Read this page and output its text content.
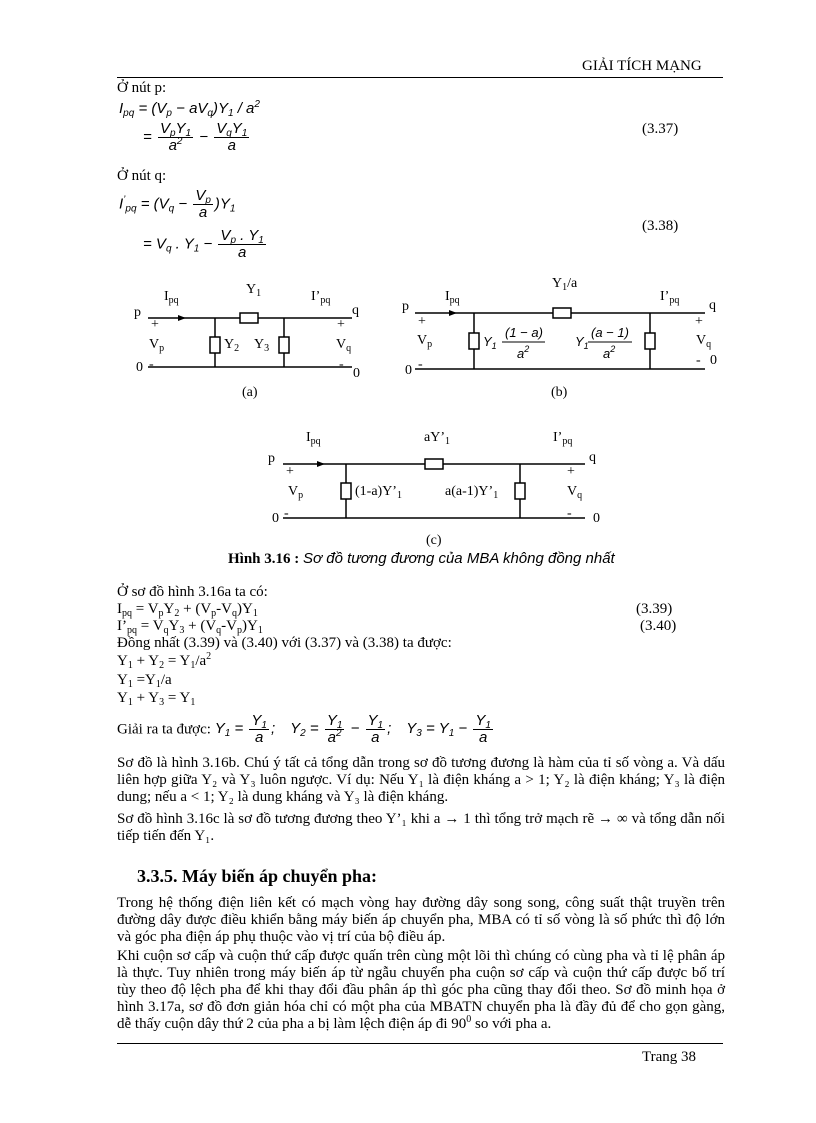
GIẢI TÍCH MẠNG
Ở nút p:
$I_{pq} = (V_p - aV_q)Y_1 / a^2$
= $\frac{V_pY_1}{a^2} - \frac{V_qY_1}{a}$	(3.37)
Ở nút q:
$I^’_{pq} = (V_q - \frac{V_p}{a} )Y_1$
= $V_q$ . $Y_1 - \frac{V_p . Y_1}{a}$
(3.38)
$Y_1$
$I_{pq}$	$I’_{pq}$
p	q
+	+
$V_p$	$Y_2$ $Y_3$	$V_q$
0 -	-
0
(a)
$Y_1/a$
$I_{pq}$	$I’_{pq}$
p	q
+	+
$V_p$	$V_q$
$Y_1$
(1 − a)
$a^2$	$Y_1$
(a − 1)
$a^2$
0 -	- 0
(b)
$aY’_1$
$I_{pq}$	$I’_{pq}$
p	q
+	+
$V_p$	$(1-a)Y’_1$	$a(a-1)Y’_1$	$V_q$
0 -	- 0
(c)
Hình 3.16 : Sơ đồ tương đương của MBA không đồng nhất
Ở sơ đồ hình 3.16a ta có:
$I_{pq} = V_pY_2 + (V_p-V_q)Y_1$	(3.39)
$I’_{pq} = V_qY_3 + (V_q-V_p)Y_1$	(3.40)
Đồng nhất (3.39) và (3.40) với (3.37) và (3.38) ta được:
$Y_1 + Y_2 = Y_1/a^2$
$Y_1 =Y_1/a$
$Y_1 + Y_3 = Y_1$
Giải ra ta được: $Y_1 = \frac{Y_1}{a}$ ; $Y_2 = \frac{Y_1}{a^2} - \frac{Y_1}{a}$ ; $Y_3 = Y_1 - \frac{Y_1}{a}$
Sơ đồ là hình 3.16b. Chú ý tất cả tổng dẫn trong sơ đồ tương đương là hàm của tỉ số vòng a. Và dấu liên hợp giữa Y₂ và Y₃ luôn ngược. Ví dụ: Nếu Y₁ là điện kháng a > 1; Y₂ là điện kháng; Y₃ là điện dung; nếu a < 1; Y₂ là dung kháng và Y₃ là điện kháng.
Sơ đồ hình 3.16c là sơ đồ tương đương theo Y’₁ khi a → 1 thì tổng trở mạch rẽ → ∞ và tổng dẫn nối tiếp tiến đến Y₁.
3.3.5. Máy biến áp chuyển pha:
Trong hệ thống điện liên kết có mạch vòng hay đường dây song song, công suất thật truyền trên đường dây được điều khiển bằng máy biến áp chuyển pha, MBA có tỉ số vòng là số phức thì độ lớn và góc pha điện áp phụ thuộc vào vị trí của bộ điều áp.
Khi cuộn sơ cấp và cuộn thứ cấp được quấn trên cùng một lõi thì chúng có cùng pha và tỉ lệ phân áp là thực. Tuy nhiên trong máy biến áp từ ngẫu chuyển pha cuộn sơ cấp và cuộn thứ cấp được bố trí tùy theo độ lệch pha để khi thay đổi đầu phân áp thì góc pha cũng thay đổi theo. Sơ đồ minh họa ở hình 3.17a, sơ đồ đơn giản hóa chỉ có một pha của MBATN chuyển pha là đầy đủ để cho gọn gàng, dễ thấy cuộn dây thứ 2 của pha a bị làm lệch điện áp đi $90^0$ so với pha a.
Trang 38
